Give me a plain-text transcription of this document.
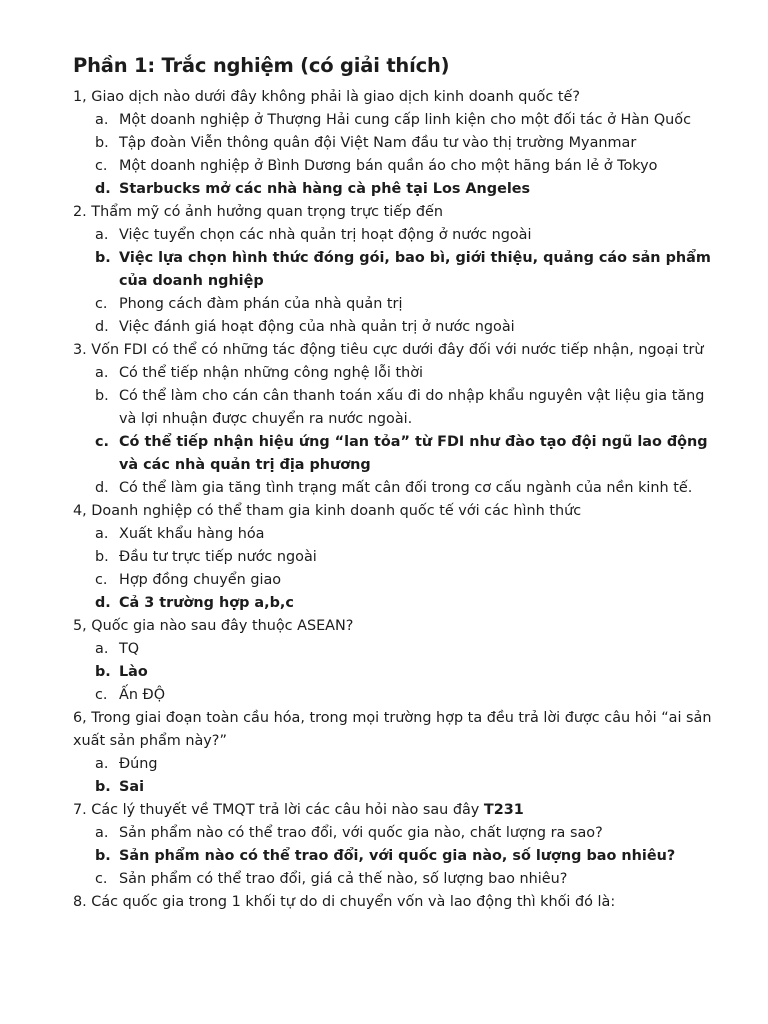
Phần 1: Trắc nghiệm (có giải thích)

1, Giao dịch nào dưới đây không phải là giao dịch kinh doanh quốc tế?

a. Một doanh nghiệp ở Thượng Hải cung cấp linh kiện cho một đối tác ở Hàn Quốc
b. Tập đoàn Viễn thông quân đội Việt Nam đầu tư vào thị trường Myanmar
c. Một doanh nghiệp ở Bình Dương bán quần áo cho một hãng bán lẻ ở Tokyo
d. Starbucks mở các nhà hàng cà phê tại Los Angeles

2. Thẩm mỹ có ảnh hưởng quan trọng trực tiếp đến

a. Việc tuyển chọn các nhà quản trị hoạt động ở nước ngoài
b. Việc lựa chọn hình thức đóng gói, bao bì, giới thiệu, quảng cáo sản phẩm của doanh nghiệp
c. Phong cách đàm phán của nhà quản trị
d. Việc đánh giá hoạt động của nhà quản trị ở nước ngoài

3. Vốn FDI có thể có những tác động tiêu cực dưới đây đối với nước tiếp nhận, ngoại trừ

a. Có thể tiếp nhận những công nghệ lỗi thời
b. Có thể làm cho cán cân thanh toán xấu đi do nhập khẩu nguyên vật liệu gia tăng và lợi nhuận được chuyển ra nước ngoài.
c. Có thể tiếp nhận hiệu ứng “lan tỏa” từ FDI như đào tạo đội ngũ lao động và các nhà quản trị địa phương
d. Có thể làm gia tăng tình trạng mất cân đối trong cơ cấu ngành của nền kinh tế.

4, Doanh nghiệp có thể tham gia kinh doanh quốc tế với các hình thức

a. Xuất khẩu hàng hóa
b. Đầu tư trực tiếp nước ngoài
c. Hợp đồng chuyển giao
d. Cả 3 trường hợp a,b,c

5, Quốc gia nào sau đây thuộc ASEAN?

a. TQ
b. Lào
c. Ấn ĐỘ

6, Trong giai đoạn toàn cầu hóa, trong mọi trường hợp ta đều trả lời được câu hỏi “ai sản xuất sản phẩm này?”

a. Đúng
b. Sai

7. Các lý thuyết về TMQT trả lời các câu hỏi nào sau đây T231

a. Sản phẩm nào có thể trao đổi, với quốc gia nào, chất lượng ra sao?
b. Sản phẩm nào có thể trao đổi, với quốc gia nào, số lượng bao nhiêu?
c. Sản phẩm có thể trao đổi, giá cả thế nào, số lượng bao nhiêu?

8. Các quốc gia trong 1 khối tự do di chuyển vốn và lao động thì khối đó là:
